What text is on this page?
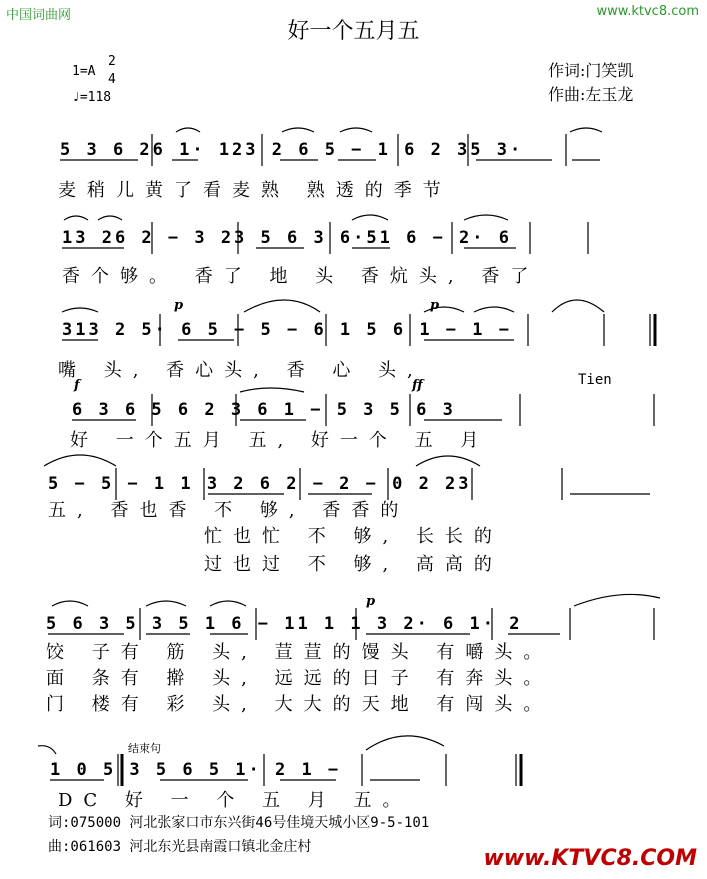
中国词曲网	www.ktvc8.com
好一个五月五
1=A
2
4
♩=118
作词:门笑凯
作曲:左玉龙
5 3 6 26 1· 123 2 6 5 − 1 6 2 35 3·
麦稍儿黄了看麦熟 熟透的季节
13 26 2 − 3 23 5 6 3 6·51 6 − 2· 6
香个够。 香了 地 头 香炕头, 香了
p	p
313 2 5· 6 5 − 5 − 6 1 5 6 1 − 1 −
嘴 头, 香心头, 香 心 头,	Tien
f	ff
6 3 6 5 6 2 3 6 1 − 5 3 5 6 3
好 一个五月 五, 好一个 五 月
5 − 5 − 1 1 3 2 6 2 − 2 − 0 2 23
五, 香也香 不 够, 香香的
忙也忙 不 够, 长长的
过也过 不 够, 高高的
p
5 6 3 5 3 5 1 6 − 11 1 1 3 2· 6 1· 2
饺 子有 筋 头, 荁荁的馒头 有嚼头。
面 条有 擀 头, 远远的日子 有奔头。
门 楼有 彩 头, 大大的天地 有闯头。
结束句
1 0 5 3 5 6 5 1· 2 1 −
DC 好 一 个 五 月 五。
词:075000 河北张家口市东兴街46号佳境天城小区9-5-101
曲:061603 河北东光县南霞口镇北金庄村	www.KTVC8.COM
